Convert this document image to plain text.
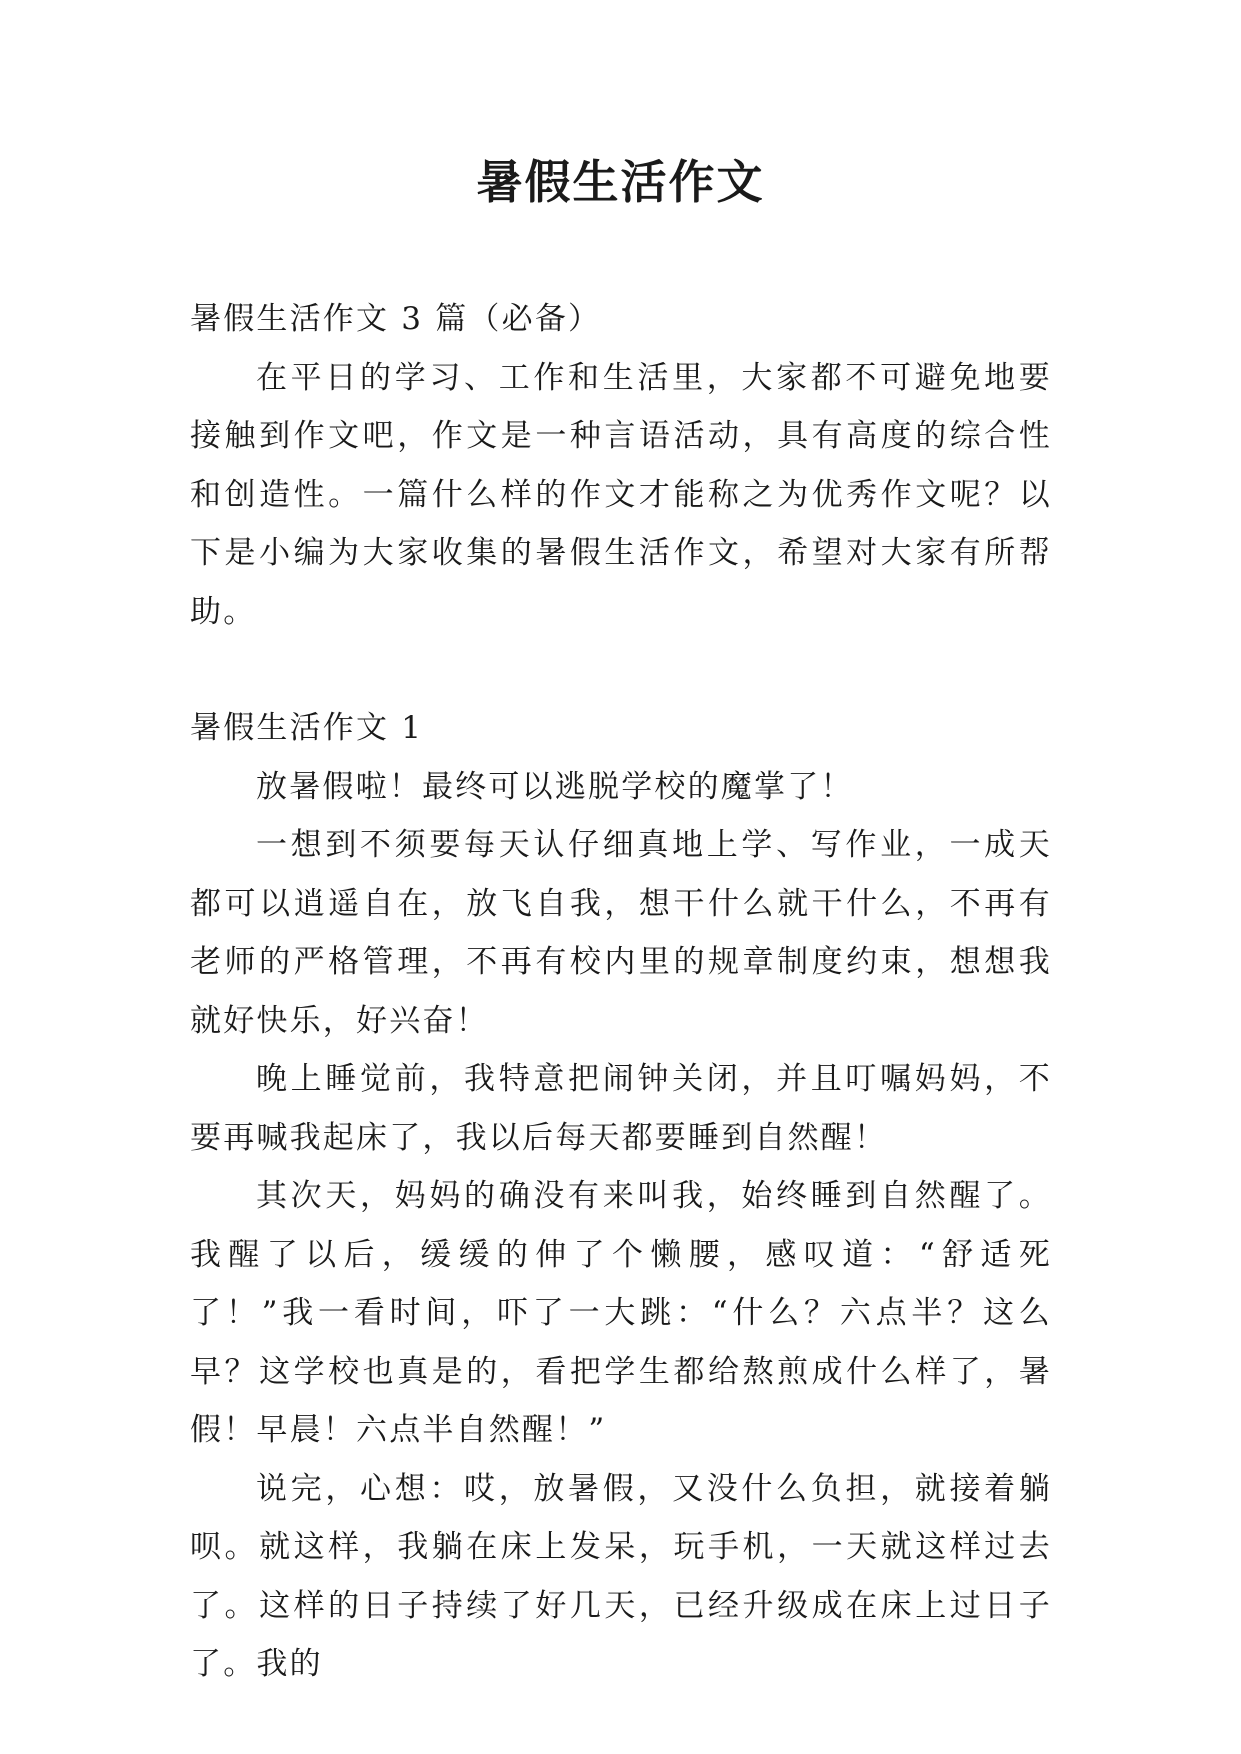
暑假生活作文

暑假生活作文 3 篇（必备）

在平日的学习、工作和生活里，大家都不可避免地要接触到作文吧，作文是一种言语活动，具有高度的综合性和创造性。一篇什么样的作文才能称之为优秀作文呢？以下是小编为大家收集的暑假生活作文，希望对大家有所帮助。

暑假生活作文 1

放暑假啦！最终可以逃脱学校的魔掌了！

一想到不须要每天认仔细真地上学、写作业，一成天都可以逍遥自在，放飞自我，想干什么就干什么，不再有老师的严格管理，不再有校内里的规章制度约束，想想我就好快乐，好兴奋！

晚上睡觉前，我特意把闹钟关闭，并且叮嘱妈妈，不要再喊我起床了，我以后每天都要睡到自然醒！

其次天，妈妈的确没有来叫我，始终睡到自然醒了。我醒了以后，缓缓的伸了个懒腰，感叹道：“舒适死了！”我一看时间，吓了一大跳：“什么？六点半？这么早？这学校也真是的，看把学生都给熬煎成什么样了，暑假！早晨！六点半自然醒！”

说完，心想：哎，放暑假，又没什么负担，就接着躺呗。就这样，我躺在床上发呆，玩手机，一天就这样过去了。这样的日子持续了好几天，已经升级成在床上过日子了。我的
